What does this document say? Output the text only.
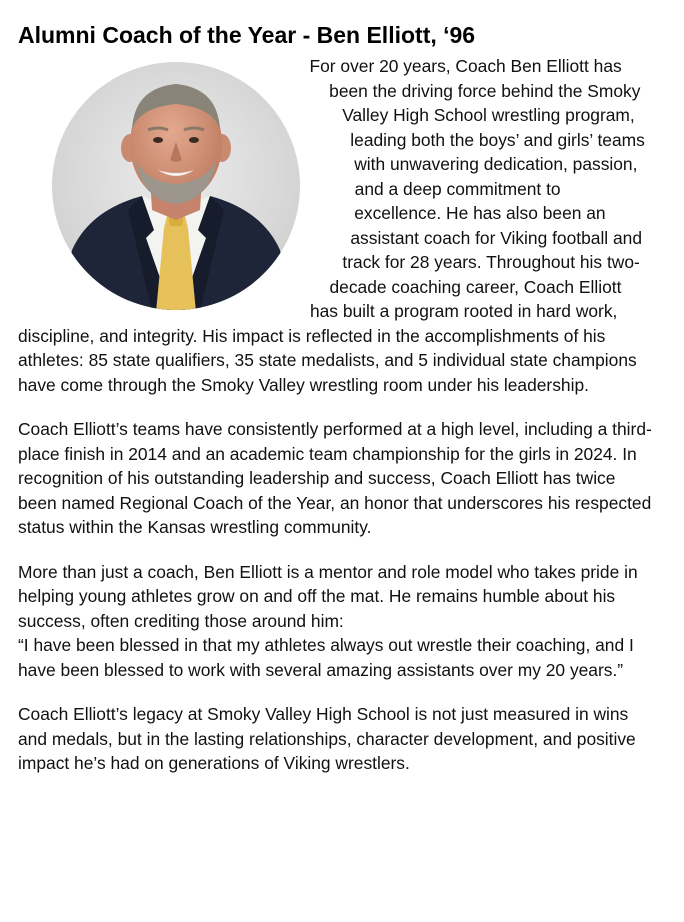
Alumni Coach of the Year - Ben Elliott, ‘96

For over 20 years, Coach Ben Elliott has been the driving force behind the Smoky Valley High School wrestling program, leading both the boys’ and girls’ teams with unwavering dedication, passion, and a deep commitment to excellence. He has also been an assistant coach for Viking football and track for 28 years. Throughout his two-decade coaching career, Coach Elliott has built a program rooted in hard work, discipline, and integrity. His impact is reflected in the accomplishments of his athletes: 85 state qualifiers, 35 state medalists, and 5 individual state champions have come through the Smoky Valley wrestling room under his leadership.

Coach Elliott’s teams have consistently performed at a high level, including a third-place finish in 2014 and an academic team championship for the girls in 2024. In recognition of his outstanding leadership and success, Coach Elliott has twice been named Regional Coach of the Year, an honor that underscores his respected status within the Kansas wrestling community.

More than just a coach, Ben Elliott is a mentor and role model who takes pride in helping young athletes grow on and off the mat. He remains humble about his success, often crediting those around him:

“I have been blessed in that my athletes always out wrestle their coaching, and I have been blessed to work with several amazing assistants over my 20 years.”

Coach Elliott’s legacy at Smoky Valley High School is not just measured in wins and medals, but in the lasting relationships, character development, and positive impact he’s had on generations of Viking wrestlers.
